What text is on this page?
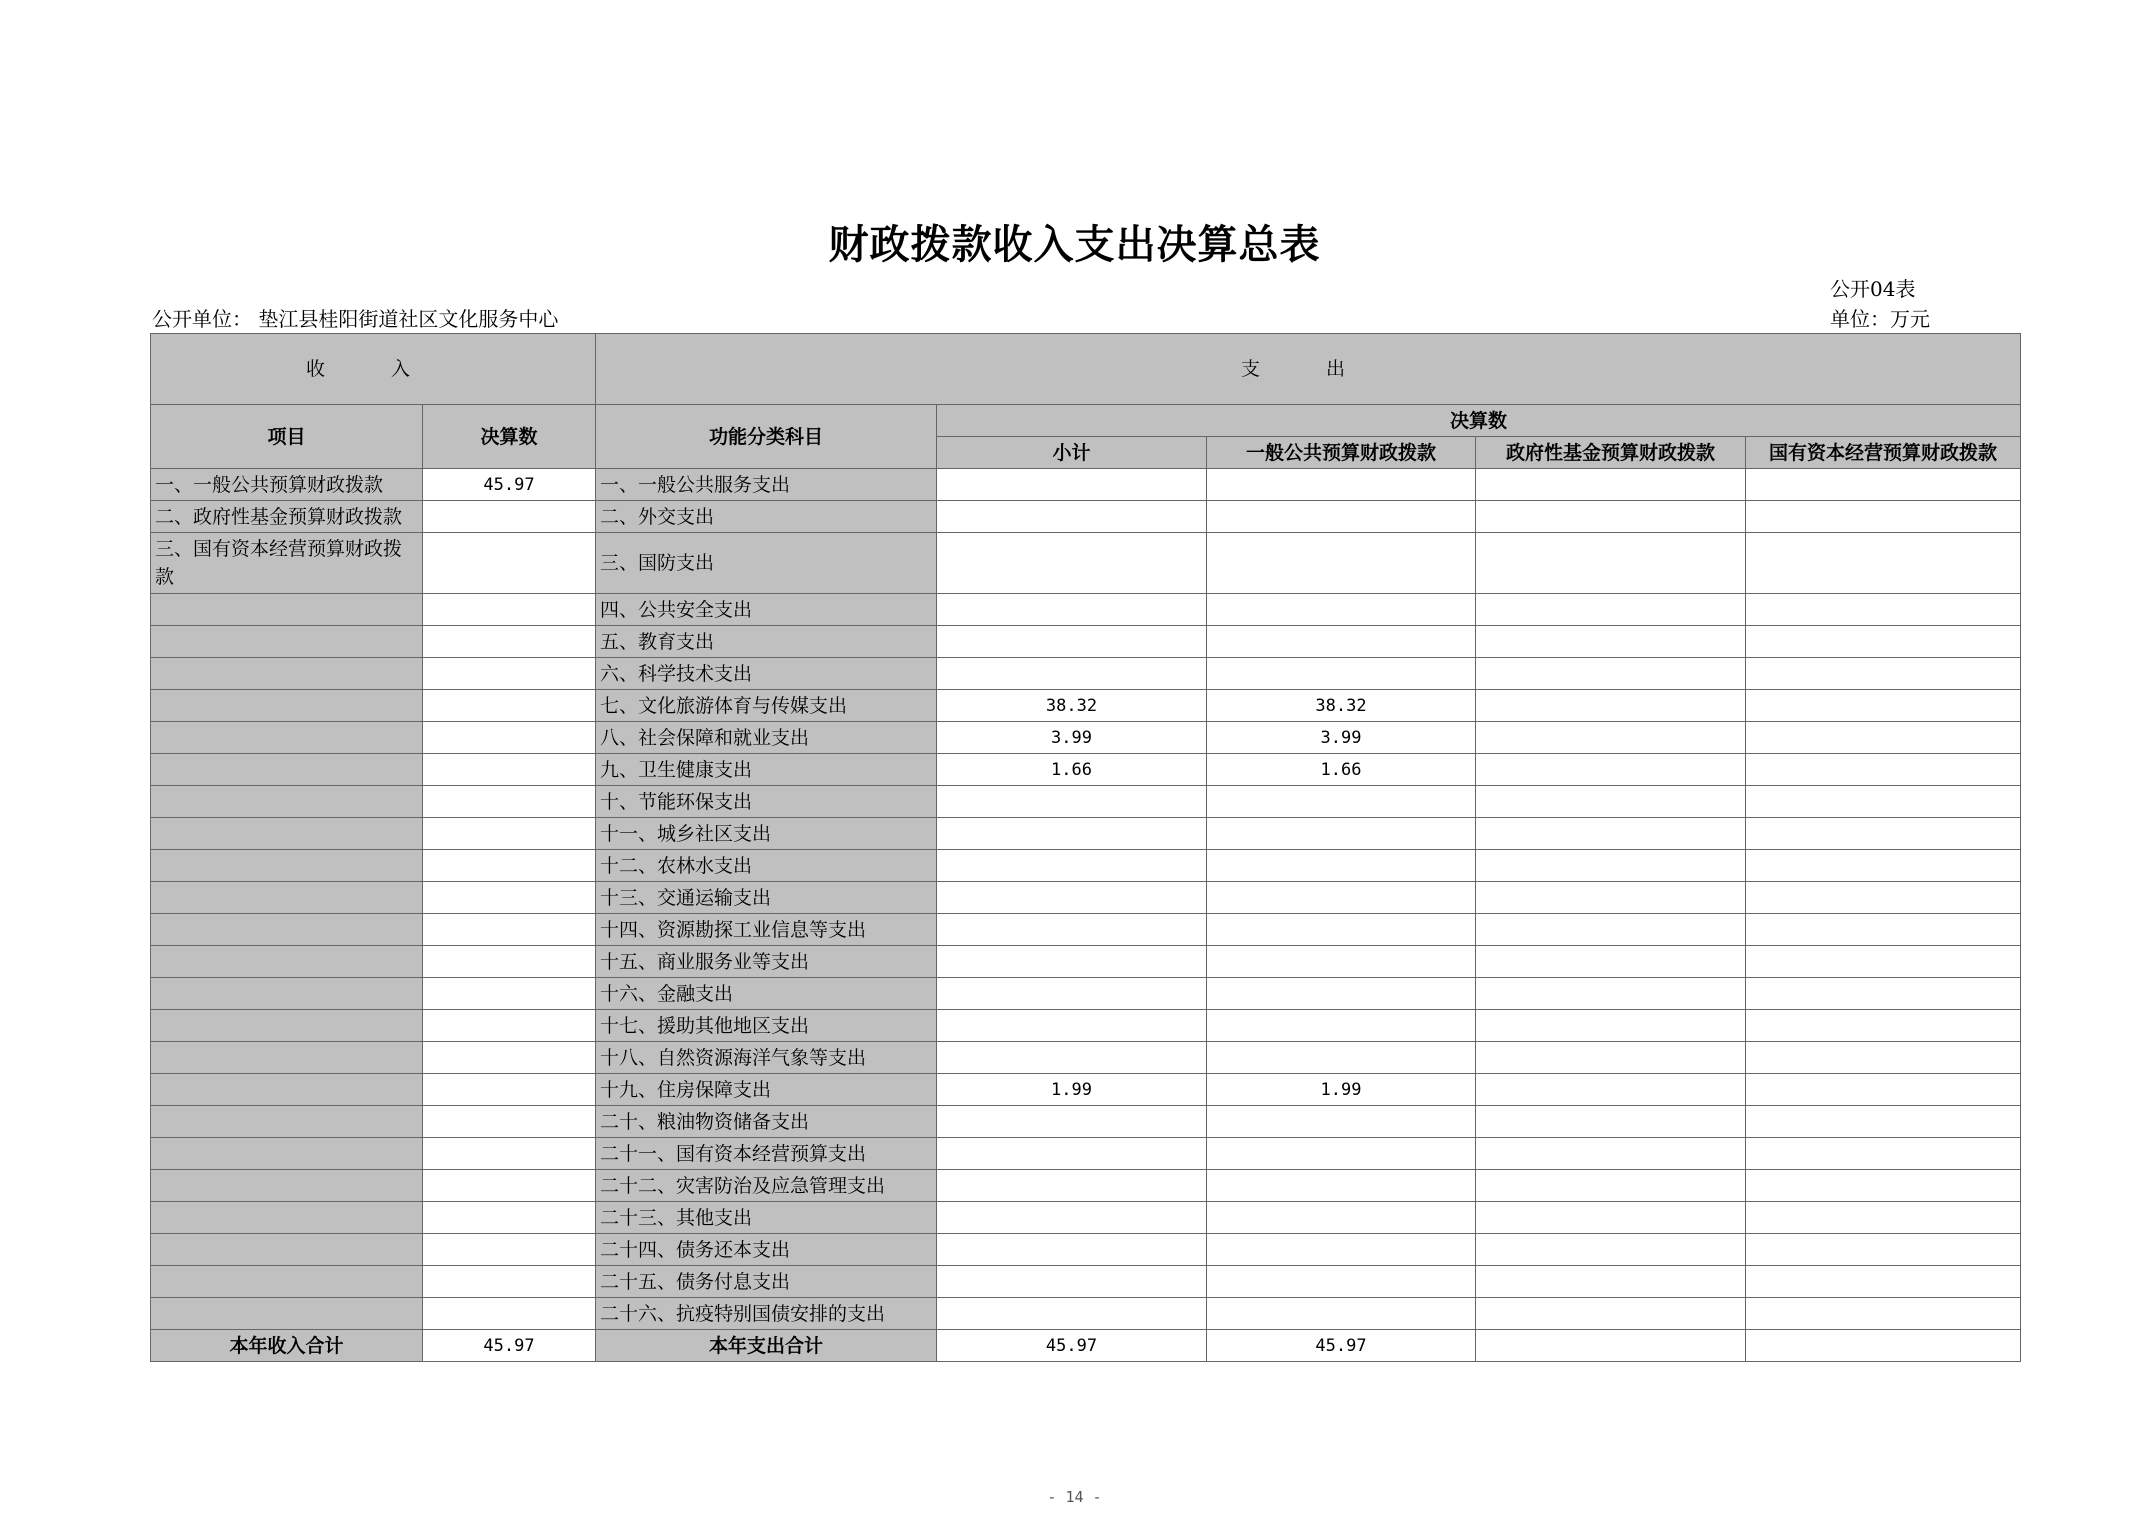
财政拨款收入支出决算总表
公开04表
公开单位： 垫江县桂阳街道社区文化服务中心	单位：万元
收 入		支 出				
项目	决算数	功能分类科目	决算数			
			小计	一般公共预算财政拨款	政府性基金预算财政拨款	国有资本经营预算财政拨款
一、一般公共预算财政拨款	45.97	一、一般公共服务支出				
二、政府性基金预算财政拨款		二、外交支出				
三、国有资本经营预算财政拨款		三、国防支出				
		四、公共安全支出				
		五、教育支出				
		六、科学技术支出				
		七、文化旅游体育与传媒支出	38.32	38.32		
		八、社会保障和就业支出	3.99	3.99		
		九、卫生健康支出	1.66	1.66		
		十、节能环保支出				
		十一、城乡社区支出				
		十二、农林水支出				
		十三、交通运输支出				
		十四、资源勘探工业信息等支出				
		十五、商业服务业等支出				
		十六、金融支出				
		十七、援助其他地区支出				
		十八、自然资源海洋气象等支出				
		十九、住房保障支出	1.99	1.99		
		二十、粮油物资储备支出				
		二十一、国有资本经营预算支出				
		二十二、灾害防治及应急管理支出				
		二十三、其他支出				
		二十四、债务还本支出				
		二十五、债务付息支出				
		二十六、抗疫特别国债安排的支出				
本年收入合计	45.97	本年支出合计	45.97	45.97		
- 14 -
